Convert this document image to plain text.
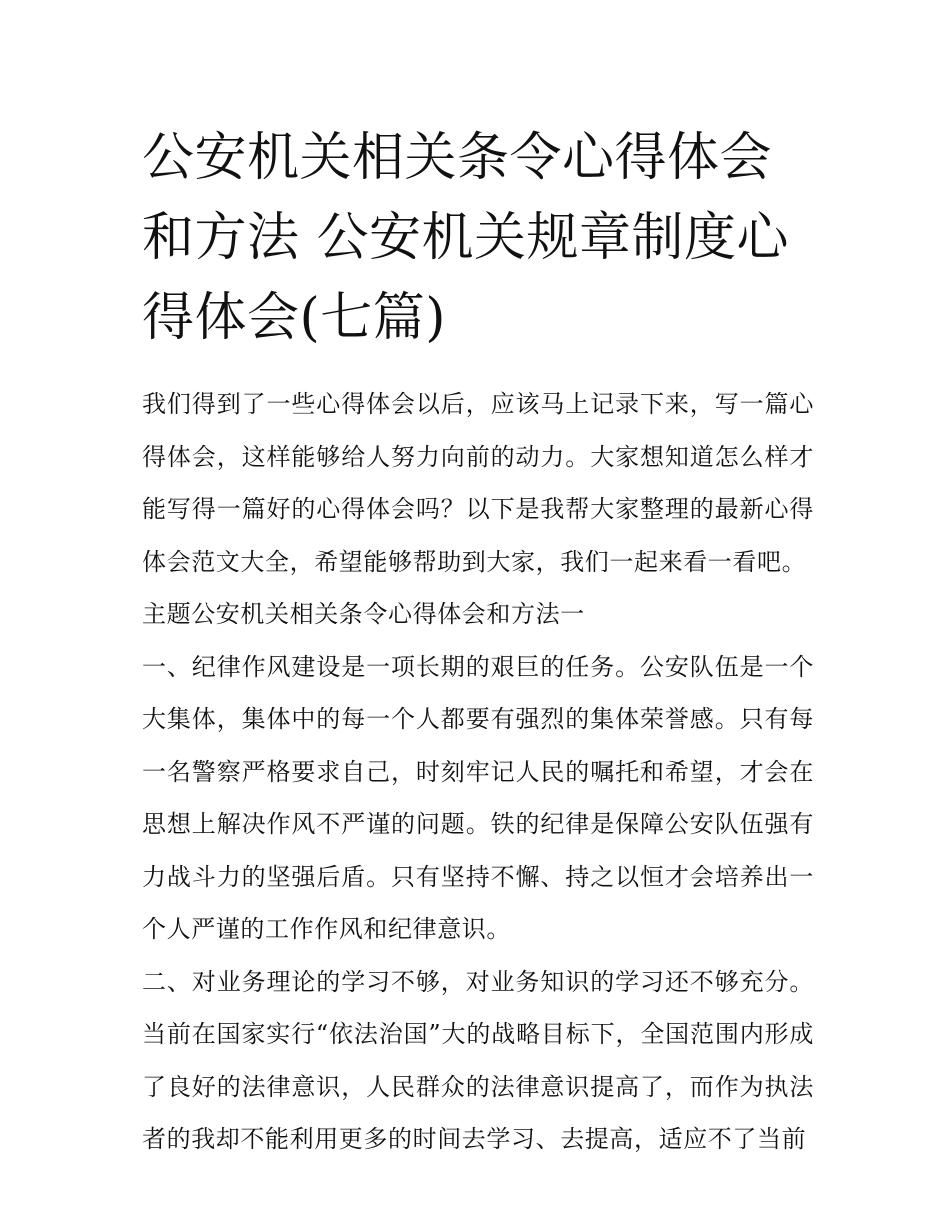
公安机关相关条令心得体会和方法 公安机关规章制度心得体会(七篇)

我们得到了一些心得体会以后，应该马上记录下来，写一篇心得体会，这样能够给人努力向前的动力。大家想知道怎么样才能写得一篇好的心得体会吗？以下是我帮大家整理的最新心得体会范文大全，希望能够帮助到大家，我们一起来看一看吧。

主题公安机关相关条令心得体会和方法一

一、纪律作风建设是一项长期的艰巨的任务。公安队伍是一个大集体，集体中的每一个人都要有强烈的集体荣誉感。只有每一名警察严格要求自己，时刻牢记人民的嘱托和希望，才会在思想上解决作风不严谨的问题。铁的纪律是保障公安队伍强有力战斗力的坚强后盾。只有坚持不懈、持之以恒才会培养出一个人严谨的工作作风和纪律意识。

二、对业务理论的学习不够，对业务知识的学习还不够充分。当前在国家实行“依法治国”大的战略目标下，全国范围内形成了良好的法律意识，人民群众的法律意识提高了，而作为执法者的我却不能利用更多的时间去学习、去提高，适应不了当前
